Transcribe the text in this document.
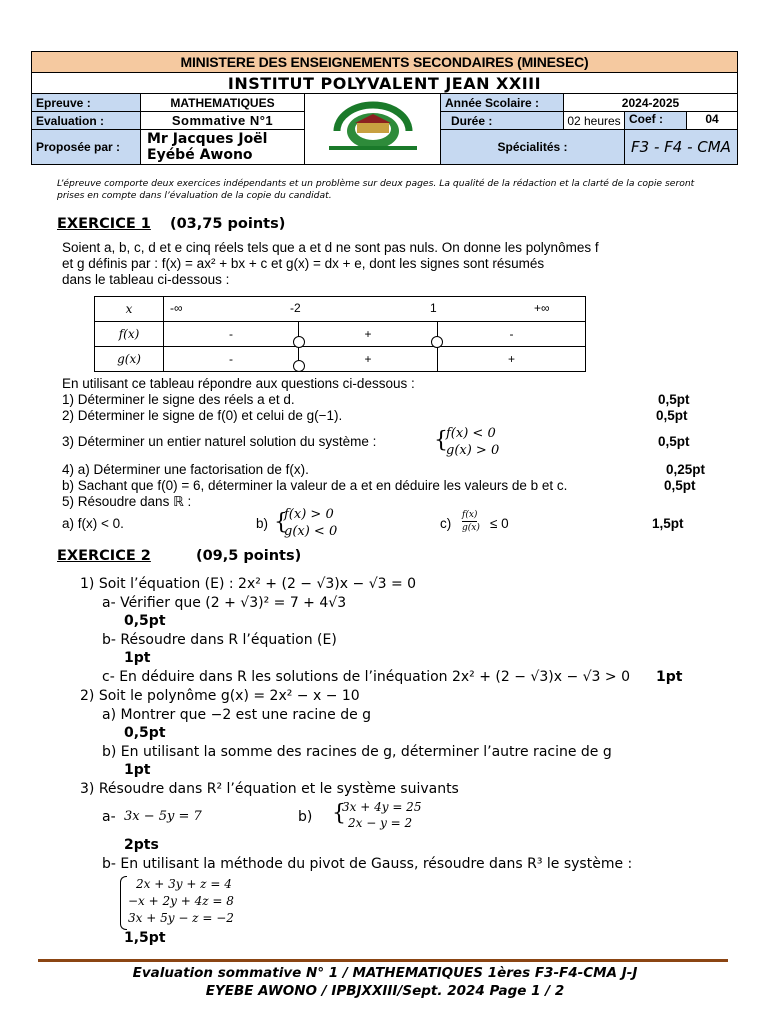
MINISTERE DES ENSEIGNEMENTS SECONDAIRES (MINESEC)					
INSTITUT POLYVALENT JEAN XXIII					
Epreuve :	MATHEMATIQUES		Année Scolaire :	2024-2025	
Evaluation :	Sommative N°1		Durée :	02 heures	Coef : 04

Proposée par :	Mr Jacques Joël
Eyébé Awono		Spécialités :		F3 - F4 - CMA
L’épreuve comporte deux exercices indépendants et un problème sur deux pages. La qualité de la rédaction et la clarté de la copie seront prises en compte dans l’évaluation de la copie du candidat.
EXERCICE 1 (03,75 points)
Soient a, b, c, d et e cinq réels tels que a et d ne sont pas nuls. On donne les polynômes f
et g définis par : f(x) = ax² + bx + c et g(x) = dx + e, dont les signes sont résumés
dans le tableau ci-dessous :
x	-∞ -2 1 +∞		

f(x)	-	+	-
g(x)	-	+	+
En utilisant ce tableau répondre aux questions ci-dessous :
1) Déterminer le signe des réels a et d.	0,5pt
2) Déterminer le signe de f(0) et celui de g(−1).	0,5pt
3) Déterminer un entier naturel solution du système :	{
f(x) < 0
g(x) > 0
0,5pt
4) a) Déterminer une factorisation de f(x).	0,25pt
b) Sachant que f(0) = 6, déterminer la valeur de a et en déduire les valeurs de b et c.	0,5pt
5) Résoudre dans ℝ :
a) f(x) < 0.	b) {
f(x) > 0
g(x) < 0
c)
f(x)
g(x) ≤ 0	1,5pt
EXERCICE 2	(09,5 points)
1) Soit l’équation (E) : 2x² + (2 − √3)x − √3 = 0
a- Vérifier que (2 + √3)² = 7 + 4√3
0,5pt
b- Résoudre dans R l’équation (E)
1pt
c- En déduire dans R les solutions de l’inéquation 2x² + (2 − √3)x − √3 > 0 1pt
2) Soit le polynôme g(x) = 2x² − x − 10
a) Montrer que −2 est une racine de g
0,5pt
b) En utilisant la somme des racines de g, déterminer l’autre racine de g
1pt
3) Résoudre dans R² l’équation et le système suivants
a- 3x − 5y = 7	b) {
3x + 4y = 25
2x − y = 2
2pts
b- En utilisant la méthode du pivot de Gauss, résoudre dans R³ le système :
2x + 3y + z = 4
−x + 2y + 4z = 8
3x + 5y − z = −2
1,5pt
Evaluation sommative N° 1 / MATHEMATIQUES 1ères F3-F4-CMA J-J
EYEBE AWONO / IPBJXXIII/Sept. 2024 Page 1 / 2
